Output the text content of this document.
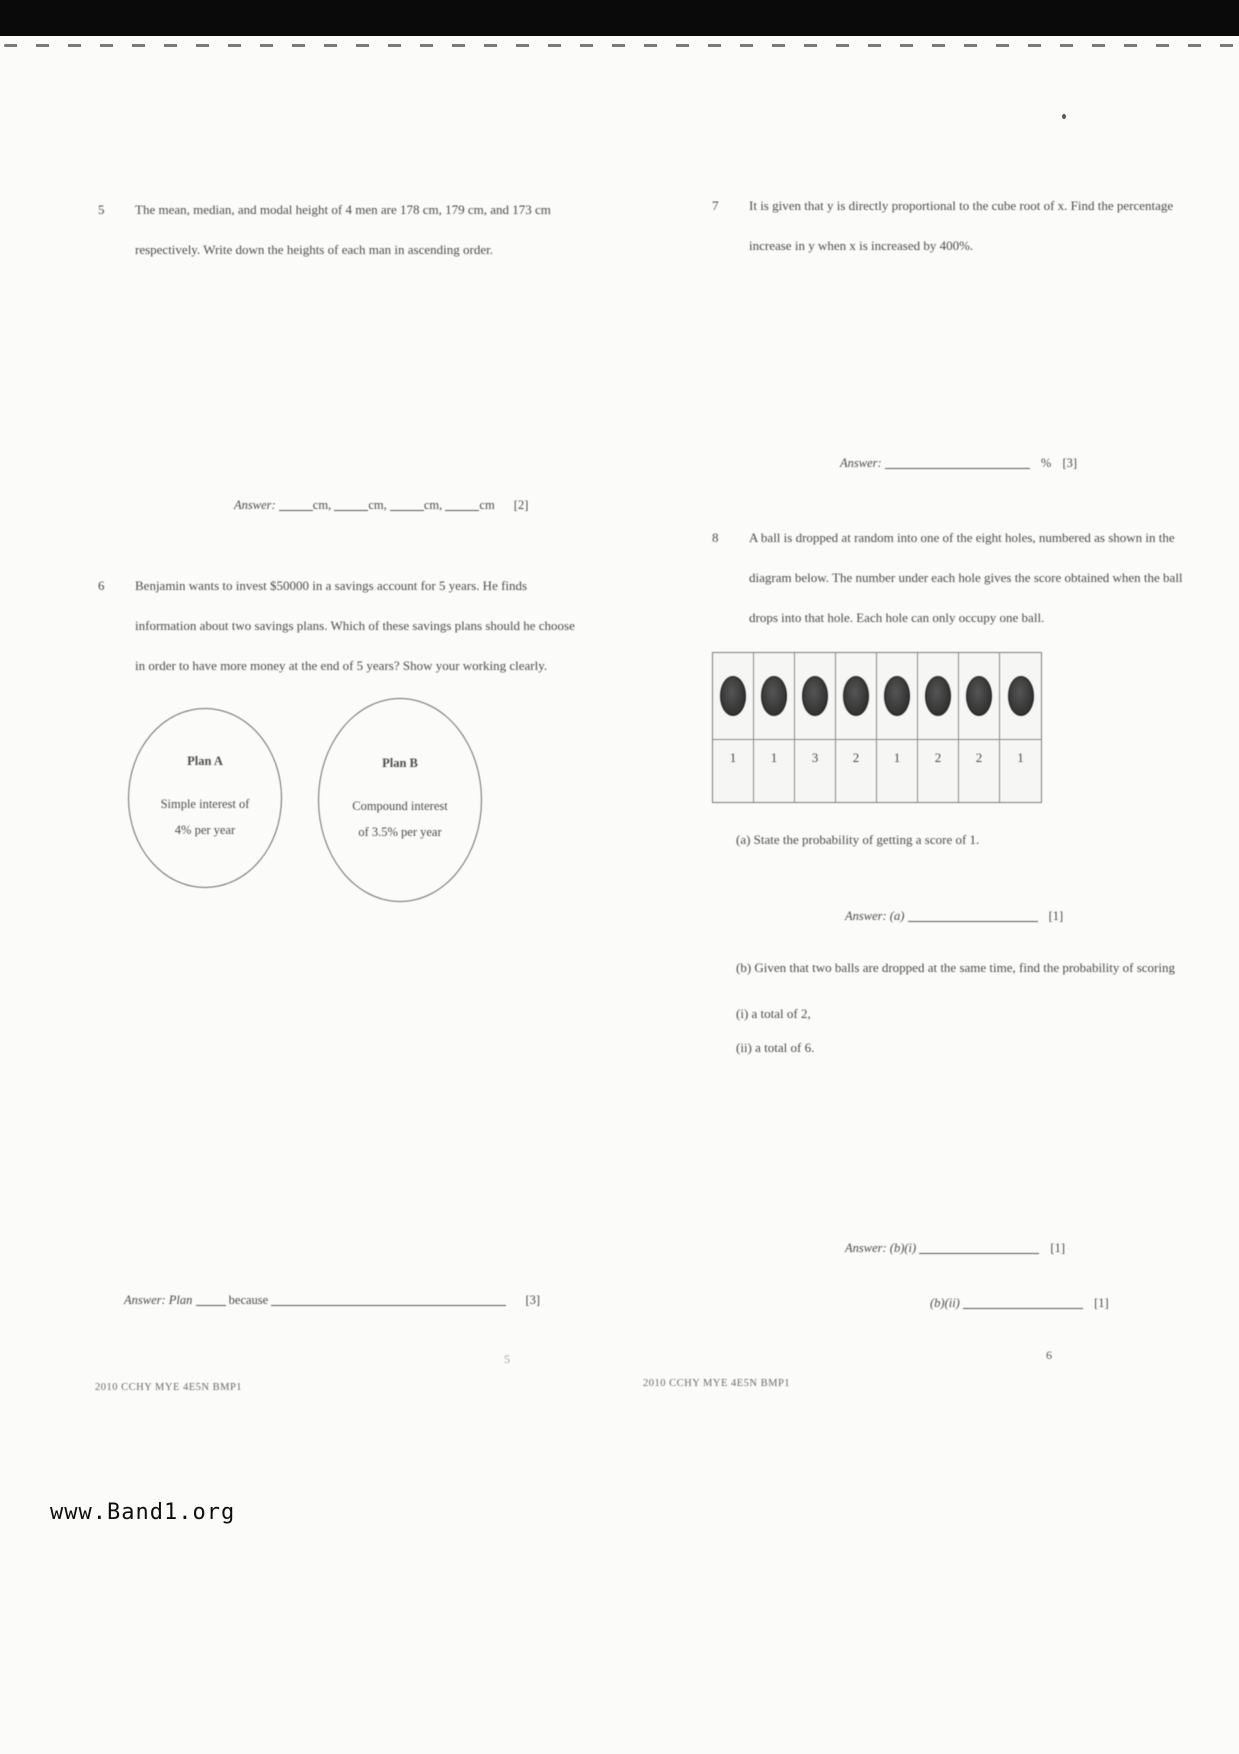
5 The mean, median, and modal height of 4 men are 178 cm, 179 cm, and 173 cm respectively. Write down the heights of each man in ascending order.
Answer:	cm,	cm,	cm,	cm [2]
6 Benjamin wants to invest $50000 in a savings account for 5 years. He finds information about two savings plans. Which of these savings plans should he choose in order to have more money at the end of 5 years? Show your working clearly.
Plan A
Simple interest of
4% per year
Plan B
Compound interest
of 3.5% per year
Answer: Plan	because	[3]
5
2010 CCHY MYE 4E5N BMP1
7 It is given that y is directly proportional to the cube root of x. Find the percentage increase in y when x is increased by 400%.
Answer:	% [3]
8 A ball is dropped at random into one of the eight holes, numbered as shown in the diagram below. The number under each hole gives the score obtained when the ball drops into that hole. Each hole can only occupy one ball.
1	1	3	2	1	2	2	1
(a) State the probability of getting a score of 1.
Answer: (a)	[1]
(b) Given that two balls are dropped at the same time, find the probability of scoring
(i) a total of 2,
(ii) a total of 6.
Answer: (b)(i)	[1]
(b)(ii)	[1]
6
2010 CCHY MYE 4E5N BMP1
www.Band1.org
